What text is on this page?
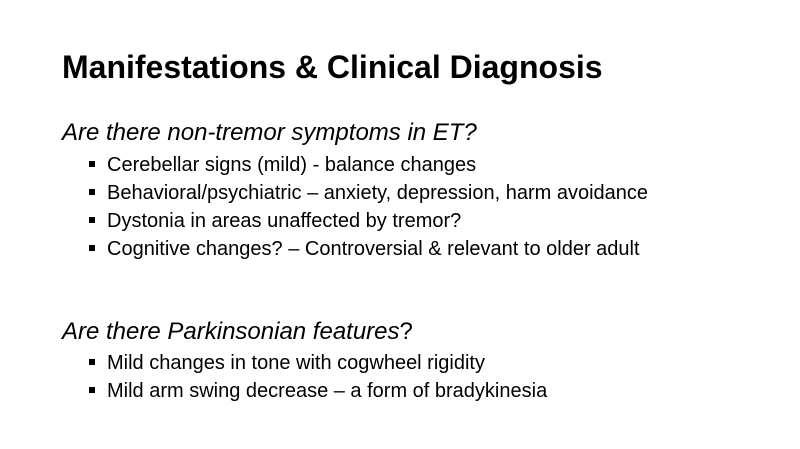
Manifestations & Clinical Diagnosis
Are there non-tremor symptoms in ET?
Cerebellar signs (mild) - balance changes
Behavioral/psychiatric – anxiety, depression, harm avoidance
Dystonia in areas unaffected by tremor?
Cognitive changes? – Controversial & relevant to older adult
Are there Parkinsonian features?
Mild changes in tone with cogwheel rigidity
Mild arm swing decrease – a form of bradykinesia
